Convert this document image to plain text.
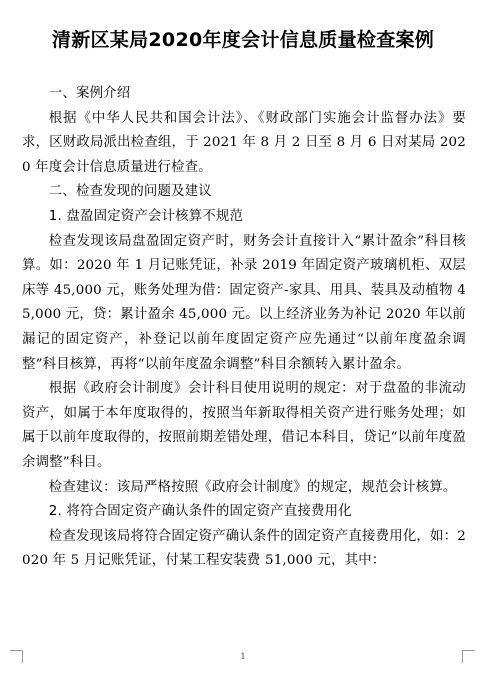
清新区某局2020年度会计信息质量检查案例

一、案例介绍

根据《中华人民共和国会计法》、《财政部门实施会计监督办法》要求，区财政局派出检查组，于 2021 年 8 月 2 日至 8 月 6 日对某局 2020 年度会计信息质量进行检查。

二、检查发现的问题及建议

1. 盘盈固定资产会计核算不规范

检查发现该局盘盈固定资产时，财务会计直接计入“累计盈余”科目核算。如：2020 年 1 月记账凭证，补录 2019 年固定资产玻璃机柜、双层床等 45,000 元，账务处理为借：固定资产-家具、用具、装具及动植物 45,000 元，贷：累计盈余 45,000 元。以上经济业务为补记 2020 年以前漏记的固定资产，补登记以前年度固定资产应先通过“以前年度盈余调整”科目核算，再将“以前年度盈余调整”科目余额转入累计盈余。

根据《政府会计制度》会计科目使用说明的规定：对于盘盈的非流动资产，如属于本年度取得的，按照当年新取得相关资产进行账务处理；如属于以前年度取得的，按照前期差错处理，借记本科目，贷记“以前年度盈余调整”科目。

检查建议：该局严格按照《政府会计制度》的规定，规范会计核算。

2. 将符合固定资产确认条件的固定资产直接费用化

检查发现该局将符合固定资产确认条件的固定资产直接费用化，如：2020 年 5 月记账凭证，付某工程安装费 51,000 元，其中：

1
